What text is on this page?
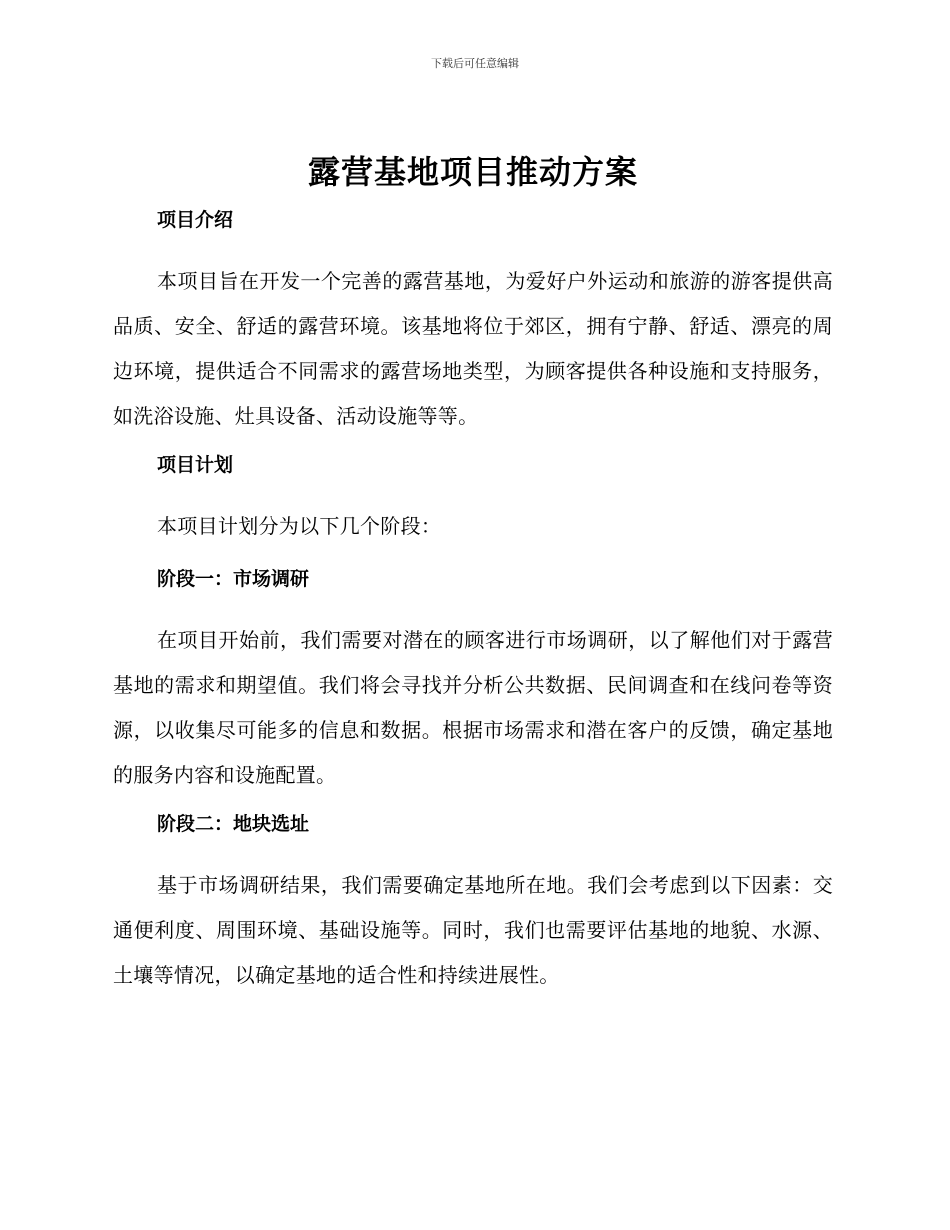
下载后可任意编辑
露营基地项目推动方案
项目介绍

本项目旨在开发一个完善的露营基地，为爱好户外运动和旅游的游客提供高品质、安全、舒适的露营环境。该基地将位于郊区，拥有宁静、舒适、漂亮的周边环境，提供适合不同需求的露营场地类型，为顾客提供各种设施和支持服务，如洗浴设施、灶具设备、活动设施等等。

项目计划

本项目计划分为以下几个阶段：

阶段一：市场调研

在项目开始前，我们需要对潜在的顾客进行市场调研，以了解他们对于露营基地的需求和期望值。我们将会寻找并分析公共数据、民间调查和在线问卷等资源，以收集尽可能多的信息和数据。根据市场需求和潜在客户的反馈，确定基地的服务内容和设施配置。

阶段二：地块选址

基于市场调研结果，我们需要确定基地所在地。我们会考虑到以下因素：交通便利度、周围环境、基础设施等。同时，我们也需要评估基地的地貌、水源、土壤等情况，以确定基地的适合性和持续进展性。
